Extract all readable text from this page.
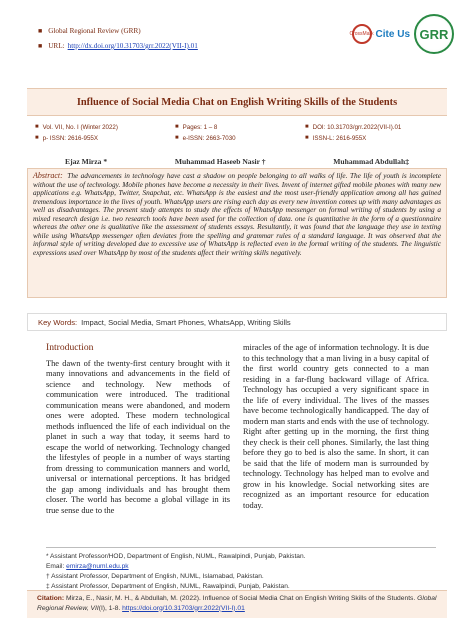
■ Global Regional Review (GRR)
■ URL: http://dx.doi.org/10.31703/grr.2022(VII-I).01
CrossMark Cite Us GRR
Influence of Social Media Chat on English Writing Skills of the Students
■ Vol. VII, No. I (Winter 2022)
■ p- ISSN: 2616-955X
■ Pages: 1 – 8
■ e-ISSN: 2663-7030
■ DOI: 10.31703/grr.2022(VII-I).01
■ ISSN-L: 2616-955X
Ejaz Mirza *	Muhammad Haseeb Nasir †	Muhammad Abdullah‡
Abstract: The advancements in technology have cast a shadow on people belonging to all walks of life. The life of youth is incomplete without the use of technology. Mobile phones have become a necessity in their lives. Invent of internet gifted mobile phones with many new applications e.g. WhatsApp, Twitter, Snapchat, etc. WhatsApp is the easiest and the most user-friendly application among all has gained tremendous importance in the lives of youth. WhatsApp users are rising each day as every new invention comes up with many advantages as well as disadvantages. The present study attempts to study the effects of WhatsApp messenger on formal writing of students by using a mixed research design i.e. two research tools have been used for the collection of data. one is quantitative in the form of a questionnaire whereas the other one is qualitative like the assessment of students essays. Resultantly, it was found that the language they use in texting while using WhatsApp messenger often deviates from the spelling and grammar rules of a standard language. It was observed that the informal style of writing developed due to excessive use of WhatsApp is reflected even in the formal writing of the students. The linguistic expressions used over WhatsApp by most of the students affect their writing skills negatively.
Key Words: Impact, Social Media, Smart Phones, WhatsApp, Writing Skills
Introduction

The dawn of the twenty-first century brought with it many innovations and advancements in the field of science and technology. New methods of communication were introduced. The traditional communication means were abandoned, and modern ones were adopted. These modern technological methods influenced the life of each individual on the planet in such a way that today, it seems hard to escape the world of networking. Technology changed the lifestyles of people in a number of ways starting from dressing to communication manners and world, universal or international perceptions. It has bridged the gap among individuals and has brought them closer. The world has become a global village in its true sense due to the

miracles of the age of information technology. It is due to this technology that a man living in a busy capital of the first world country gets connected to a man residing in a far-flung backward village of Africa. Technology has occupied a very significant space in the life of every individual. The lives of the masses have become technologically handicapped. The day of modern man starts and ends with the use of technology. Right after getting up in the morning, the first thing they check is their cell phones. Similarly, the last thing before they go to bed is also the same. In short, it can be said that the life of modern man is surrounded by technology. Technology has helped man to evolve and grow in his knowledge. Social networking sites are recognized as an important resource for education today.

* Assistant Professor/HOD, Department of English, NUML, Rawalpindi, Punjab, Pakistan.
Email: emirza@numl.edu.pk
† Assistant Professor, Department of English, NUML, Islamabad, Pakistan.
‡ Assistant Professor, Department of English, NUML, Rawalpindi, Punjab, Pakistan.
Citation: Mirza, E., Nasir, M. H., & Abdullah, M. (2022). Influence of Social Media Chat on English Writing Skills of the Students. Global Regional Review, VII(I), 1-8. https://doi.org/10.31703/grr.2022(VII-I).01
